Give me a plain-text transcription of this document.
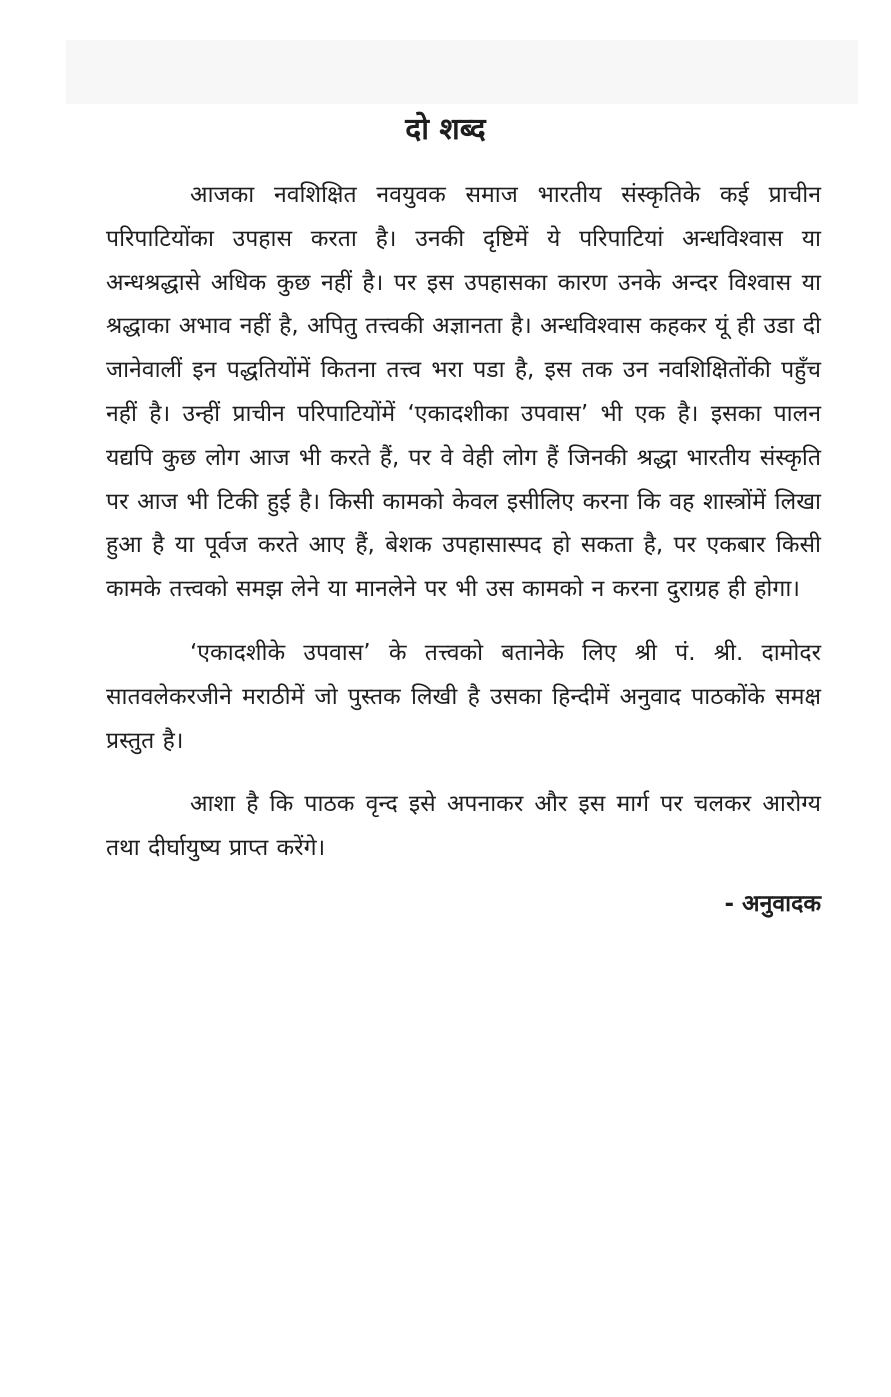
दो शब्द

आजका नवशिक्षित नवयुवक समाज भारतीय संस्कृतिके कई प्राचीन परिपाटियोंका उपहास करता है। उनकी दृष्टिमें ये परिपाटियां अन्धविश्वास या अन्धश्रद्धासे अधिक कुछ नहीं है। पर इस उपहासका कारण उनके अन्दर विश्वास या श्रद्धाका अभाव नहीं है, अपितु तत्त्वकी अज्ञानता है। अन्धविश्वास कहकर यूं ही उडा दी जानेवालीं इन पद्धतियोंमें कितना तत्त्व भरा पडा है, इस तक उन नवशिक्षितोंकी पहुँच नहीं है। उन्हीं प्राचीन परिपाटियोंमें ‘एकादशीका उपवास’ भी एक है। इसका पालन यद्यपि कुछ लोग आज भी करते हैं, पर वे वेही लोग हैं जिनकी श्रद्धा भारतीय संस्कृति पर आज भी टिकी हुई है। किसी कामको केवल इसीलिए करना कि वह शास्त्रोंमें लिखा हुआ है या पूर्वज करते आए हैं, बेशक उपहासास्पद हो सकता है, पर एकबार किसी कामके तत्त्वको समझ लेने या मानलेने पर भी उस कामको न करना दुराग्रह ही होगा।

‘एकादशीके उपवास’ के तत्त्वको बतानेके लिए श्री पं. श्री. दामोदर सातवलेकरजीने मराठीमें जो पुस्तक लिखी है उसका हिन्दीमें अनुवाद पाठकोंके समक्ष प्रस्तुत है।

आशा है कि पाठक वृन्द इसे अपनाकर और इस मार्ग पर चलकर आरोग्य तथा दीर्घायुष्य प्राप्त करेंगे।

- अनुवादक
